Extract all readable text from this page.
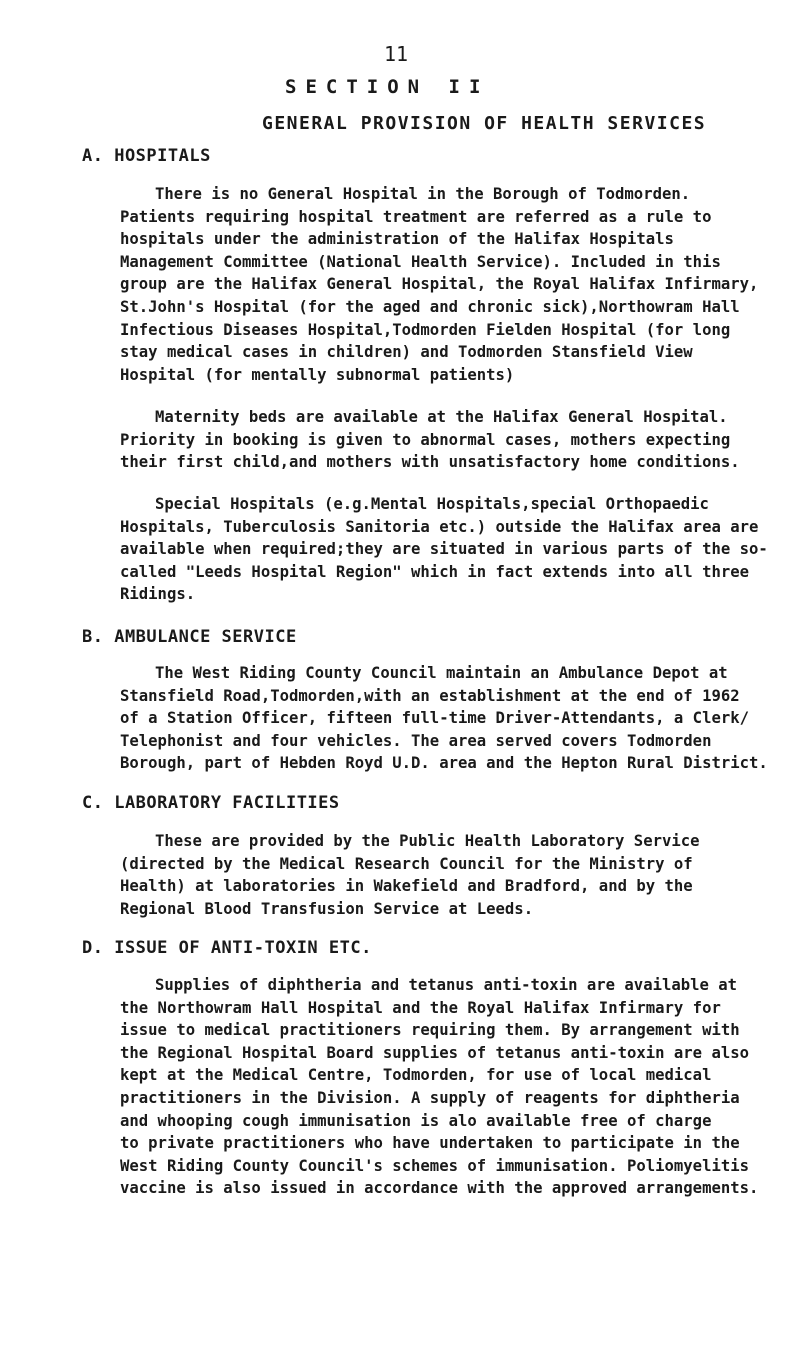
11
SECTION II
GENERAL PROVISION OF HEALTH SERVICES
A. HOSPITALS
There is no General Hospital in the Borough of Todmorden.
Patients requiring hospital treatment are referred as a rule to
hospitals under the administration of the Halifax Hospitals
Management Committee (National Health Service). Included in this
group are the Halifax General Hospital, the Royal Halifax Infirmary,
St.John's Hospital (for the aged and chronic sick),Northowram Hall
Infectious Diseases Hospital,Todmorden Fielden Hospital (for long
stay medical cases in children) and Todmorden Stansfield View
Hospital (for mentally subnormal patients)
Maternity beds are available at the Halifax General Hospital.
Priority in booking is given to abnormal cases, mothers expecting
their first child,and mothers with unsatisfactory home conditions.
Special Hospitals (e.g.Mental Hospitals,special Orthopaedic
Hospitals, Tuberculosis Sanitoria etc.) outside the Halifax area are
available when required;they are situated in various parts of the so-
called "Leeds Hospital Region" which in fact extends into all three
Ridings.
B. AMBULANCE SERVICE
The West Riding County Council maintain an Ambulance Depot at
Stansfield Road,Todmorden,with an establishment at the end of 1962
of a Station Officer, fifteen full-time Driver-Attendants, a Clerk/
Telephonist and four vehicles. The area served covers Todmorden
Borough, part of Hebden Royd U.D. area and the Hepton Rural District.
C. LABORATORY FACILITIES
These are provided by the Public Health Laboratory Service
(directed by the Medical Research Council for the Ministry of
Health) at laboratories in Wakefield and Bradford, and by the
Regional Blood Transfusion Service at Leeds.
D. ISSUE OF ANTI-TOXIN ETC.
Supplies of diphtheria and tetanus anti-toxin are available at
the Northowram Hall Hospital and the Royal Halifax Infirmary for
issue to medical practitioners requiring them. By arrangement with
the Regional Hospital Board supplies of tetanus anti-toxin are also
kept at the Medical Centre, Todmorden, for use of local medical
practitioners in the Division. A supply of reagents for diphtheria
and whooping cough immunisation is alo available free of charge
to private practitioners who have undertaken to participate in the
West Riding County Council's schemes of immunisation. Poliomyelitis
vaccine is also issued in accordance with the approved arrangements.
